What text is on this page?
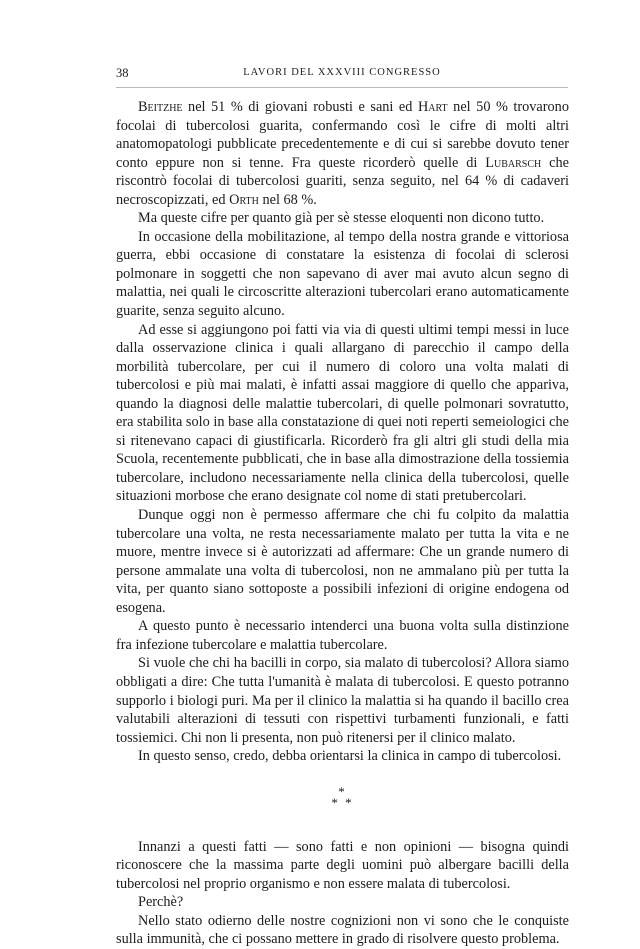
38	LAVORI DEL XXXVIII CONGRESSO

Beitzhe nel 51 % di giovani robusti e sani ed Hart nel 50 % trovarono focolai di tubercolosi guarita, confermando così le cifre di molti altri anatomopatologi pubblicate precedentemente e di cui si sarebbe dovuto tener conto eppure non si tenne. Fra queste ricorderò quelle di Lubarsch che riscontrò focolai di tubercolosi guariti, senza seguito, nel 64 % di cadaveri necroscopizzati, ed Orth nel 68 %.

Ma queste cifre per quanto già per sè stesse eloquenti non dicono tutto.

In occasione della mobilitazione, al tempo della nostra grande e vittoriosa guerra, ebbi occasione di constatare la esistenza di focolai di sclerosi polmonare in soggetti che non sapevano di aver mai avuto alcun segno di malattia, nei quali le circoscritte alterazioni tubercolari erano automaticamente guarite, senza seguito alcuno.

Ad esse si aggiungono poi fatti via via di questi ultimi tempi messi in luce dalla osservazione clinica i quali allargano di parecchio il campo della morbilità tubercolare, per cui il numero di coloro una volta malati di tubercolosi e più mai malati, è infatti assai maggiore di quello che appariva, quando la diagnosi delle malattie tubercolari, di quelle polmonari sovratutto, era stabilita solo in base alla constatazione di quei noti reperti semeiologici che si ritenevano capaci di giustificarla. Ricorderò fra gli altri gli studi della mia Scuola, recentemente pubblicati, che in base alla dimostrazione della tossiemia tubercolare, includono necessariamente nella clinica della tubercolosi, quelle situazioni morbose che erano designate col nome di stati pretubercolari.

Dunque oggi non è permesso affermare che chi fu colpito da malattia tubercolare una volta, ne resta necessariamente malato per tutta la vita e ne muore, mentre invece si è autorizzati ad affermare: Che un grande numero di persone ammalate una volta di tubercolosi, non ne ammalano più per tutta la vita, per quanto siano sottoposte a possibili infezioni di origine endogena od esogena.

A questo punto è necessario intenderci una buona volta sulla distinzione fra infezione tubercolare e malattia tubercolare.

Si vuole che chi ha bacilli in corpo, sia malato di tubercolosi? Allora siamo obbligati a dire: Che tutta l'umanità è malata di tubercolosi. E questo potranno supporlo i biologi puri. Ma per il clinico la malattia si ha quando il bacillo crea valutabili alterazioni di tessuti con rispettivi turbamenti funzionali, e fatti tossiemici. Chi non li presenta, non può ritenersi per il clinico malato.

In questo senso, credo, debba orientarsi la clinica in campo di tubercolosi.

*
* *

Innanzi a questi fatti — sono fatti e non opinioni — bisogna quindi riconoscere che la massima parte degli uomini può albergare bacilli della tubercolosi nel proprio organismo e non essere malata di tubercolosi.

Perchè?

Nello stato odierno delle nostre cognizioni non vi sono che le conquiste sulla immunità, che ci possano mettere in grado di risolvere questo problema.
